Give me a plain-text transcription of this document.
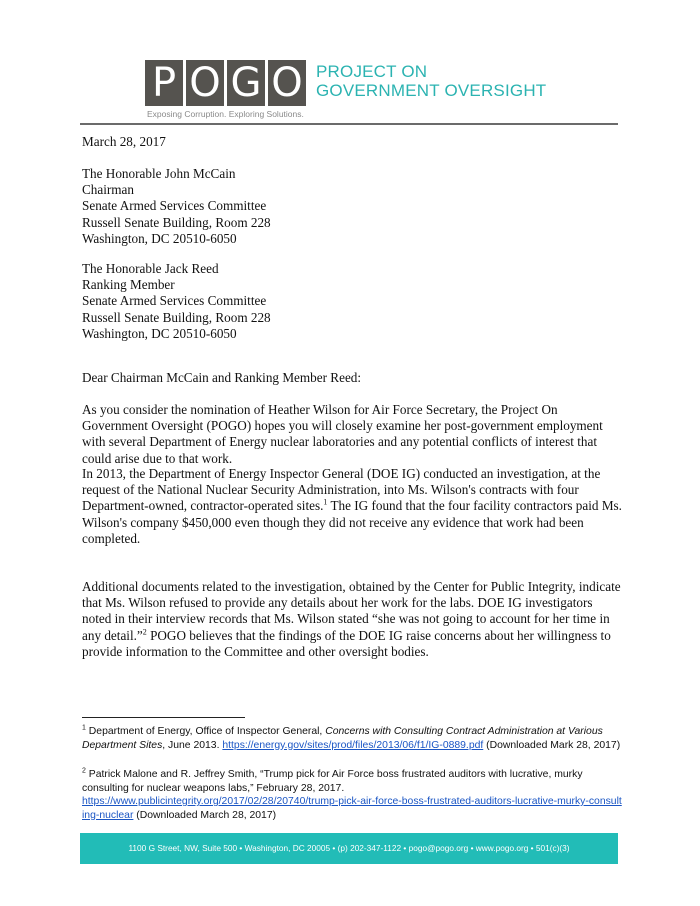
P O G O
Exposing Corruption. Exploring Solutions.
PROJECT ON
GOVERNMENT OVERSIGHT
March 28, 2017
The Honorable John McCain
Chairman
Senate Armed Services Committee
Russell Senate Building, Room 228
Washington, DC 20510-6050
The Honorable Jack Reed
Ranking Member
Senate Armed Services Committee
Russell Senate Building, Room 228
Washington, DC 20510-6050
Dear Chairman McCain and Ranking Member Reed:

As you consider the nomination of Heather Wilson for Air Force Secretary, the Project On Government Oversight (POGO) hopes you will closely examine her post-government employment with several Department of Energy nuclear laboratories and any potential conflicts of interest that could arise due to that work.

In 2013, the Department of Energy Inspector General (DOE IG) conducted an investigation, at the request of the National Nuclear Security Administration, into Ms. Wilson's contracts with four Department-owned, contractor-operated sites.$^1$ The IG found that the four facility contractors paid Ms. Wilson's company $450,000 even though they did not receive any evidence that work had been completed.

Additional documents related to the investigation, obtained by the Center for Public Integrity, indicate that Ms. Wilson refused to provide any details about her work for the labs. DOE IG investigators noted in their interview records that Ms. Wilson stated “she was not going to account for her time in any detail.”$^2$ POGO believes that the findings of the DOE IG raise concerns about her willingness to provide information to the Committee and other oversight bodies.

$^1$ Department of Energy, Office of Inspector General, Concerns with Consulting Contract Administration at Various Department Sites, June 2013. https://energy.gov/sites/prod/files/2013/06/f1/IG-0889.pdf (Downloaded Mark 28, 2017)
$^2$ Patrick Malone and R. Jeffrey Smith, “Trump pick for Air Force boss frustrated auditors with lucrative, murky consulting for nuclear weapons labs,” February 28, 2017.
https://www.publicintegrity.org/2017/02/28/20740/trump-pick-air-force-boss-frustrated-auditors-lucrative-murky-consulting-nuclear (Downloaded March 28, 2017)
1100 G Street, NW, Suite 500 • Washington, DC 20005 • (p) 202-347-1122 • pogo@pogo.org • www.pogo.org • 501(c)(3)
